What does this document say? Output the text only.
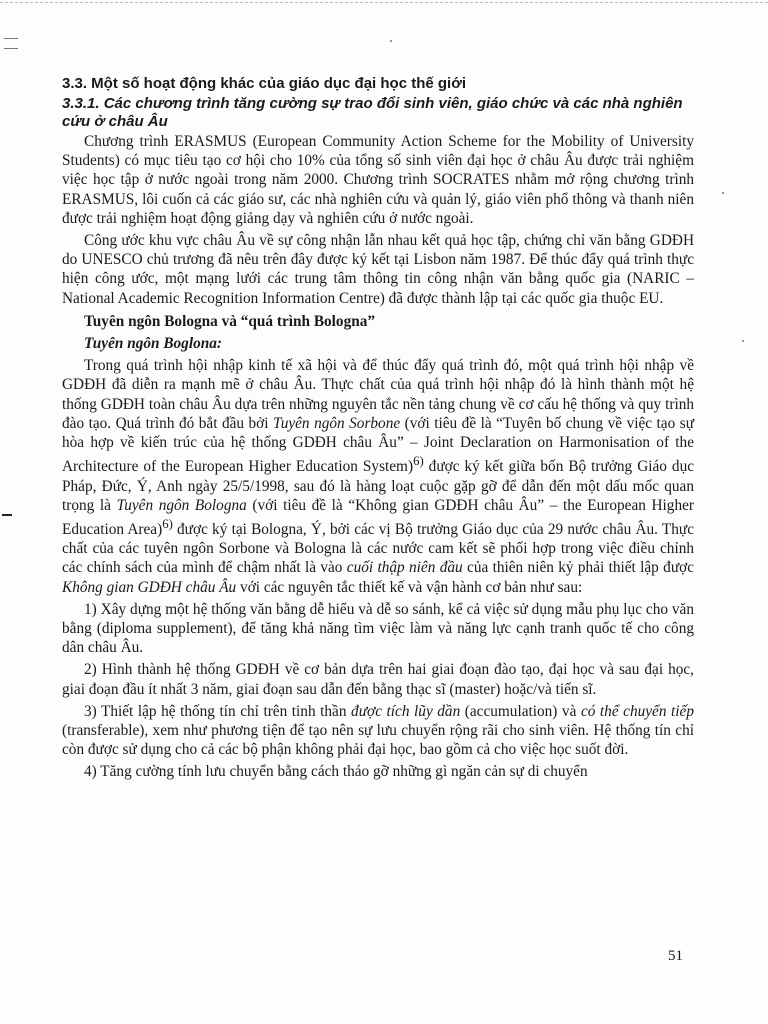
3.3. Một số hoạt động khác của giáo dục đại học thế giới
3.3.1. Các chương trình tăng cường sự trao đổi sinh viên, giáo chức và các nhà nghiên cứu ở châu Âu

Chương trình ERASMUS (European Community Action Scheme for the Mobility of University Students) có mục tiêu tạo cơ hội cho 10% của tổng số sinh viên đại học ở châu Âu được trải nghiệm việc học tập ở nước ngoài trong năm 2000. Chương trình SOCRATES nhằm mở rộng chương trình ERASMUS, lôi cuốn cả các giáo sư, các nhà nghiên cứu và quản lý, giáo viên phổ thông và thanh niên được trải nghiệm hoạt động giảng dạy và nghiên cứu ở nước ngoài.

Công ước khu vực châu Âu về sự công nhận lẫn nhau kết quả học tập, chứng chỉ văn bằng GDĐH do UNESCO chủ trương đã nêu trên đây được ký kết tại Lisbon năm 1987. Để thúc đẩy quá trình thực hiện công ước, một mạng lưới các trung tâm thông tin công nhận văn bằng quốc gia (NARIC – National Academic Recognition Information Centre) đã được thành lập tại các quốc gia thuộc EU.

Tuyên ngôn Bologna và “quá trình Bologna”

Tuyên ngôn Boglona:

Trong quá trình hội nhập kinh tế xã hội và để thúc đẩy quá trình đó, một quá trình hội nhập về GDĐH đã diễn ra mạnh mẽ ở châu Âu. Thực chất của quá trình hội nhập đó là hình thành một hệ thống GDĐH toàn châu Âu dựa trên những nguyên tắc nền tảng chung về cơ cấu hệ thống và quy trình đào tạo. Quá trình đó bắt đầu bởi Tuyên ngôn Sorbone (với tiêu đề là “Tuyên bố chung về việc tạo sự hòa hợp về kiến trúc của hệ thống GDĐH châu Âu” – Joint Declaration on Harmonisation of the Architecture of the European Higher Education System)$^{6)}$ được ký kết giữa bốn Bộ trưởng Giáo dục Pháp, Đức, Ý, Anh ngày 25/5/1998, sau đó là hàng loạt cuộc gặp gỡ để dẫn đến một dấu mốc quan trọng là Tuyên ngôn Bologna (với tiêu đề là “Không gian GDĐH châu Âu” – the European Higher Education Area)$^{6)}$ được ký tại Bologna, Ý, bởi các vị Bộ trưởng Giáo dục của 29 nước châu Âu. Thực chất của các tuyên ngôn Sorbone và Bologna là các nước cam kết sẽ phối hợp trong việc điều chỉnh các chính sách của mình để chậm nhất là vào cuối thập niên đầu của thiên niên kỷ phải thiết lập được Không gian GDĐH châu Âu với các nguyên tắc thiết kế và vận hành cơ bản như sau:

1) Xây dựng một hệ thống văn bằng dễ hiểu và dễ so sánh, kể cả việc sử dụng mẫu phụ lục cho văn bằng (diploma supplement), để tăng khả năng tìm việc làm và năng lực cạnh tranh quốc tế cho công dân châu Âu.

2) Hình thành hệ thống GDĐH về cơ bản dựa trên hai giai đoạn đào tạo, đại học và sau đại học, giai đoạn đầu ít nhất 3 năm, giai đoạn sau dẫn đến bằng thạc sĩ (master) hoặc/và tiến sĩ.

3) Thiết lập hệ thống tín chỉ trên tinh thần được tích lũy dần (accumulation) và có thể chuyển tiếp (transferable), xem như phương tiện để tạo nên sự lưu chuyển rộng rãi cho sinh viên. Hệ thống tín chỉ còn được sử dụng cho cả các bộ phận không phải đại học, bao gồm cả cho việc học suốt đời.

4) Tăng cường tính lưu chuyển bằng cách tháo gỡ những gì ngăn cản sự di chuyển

51
